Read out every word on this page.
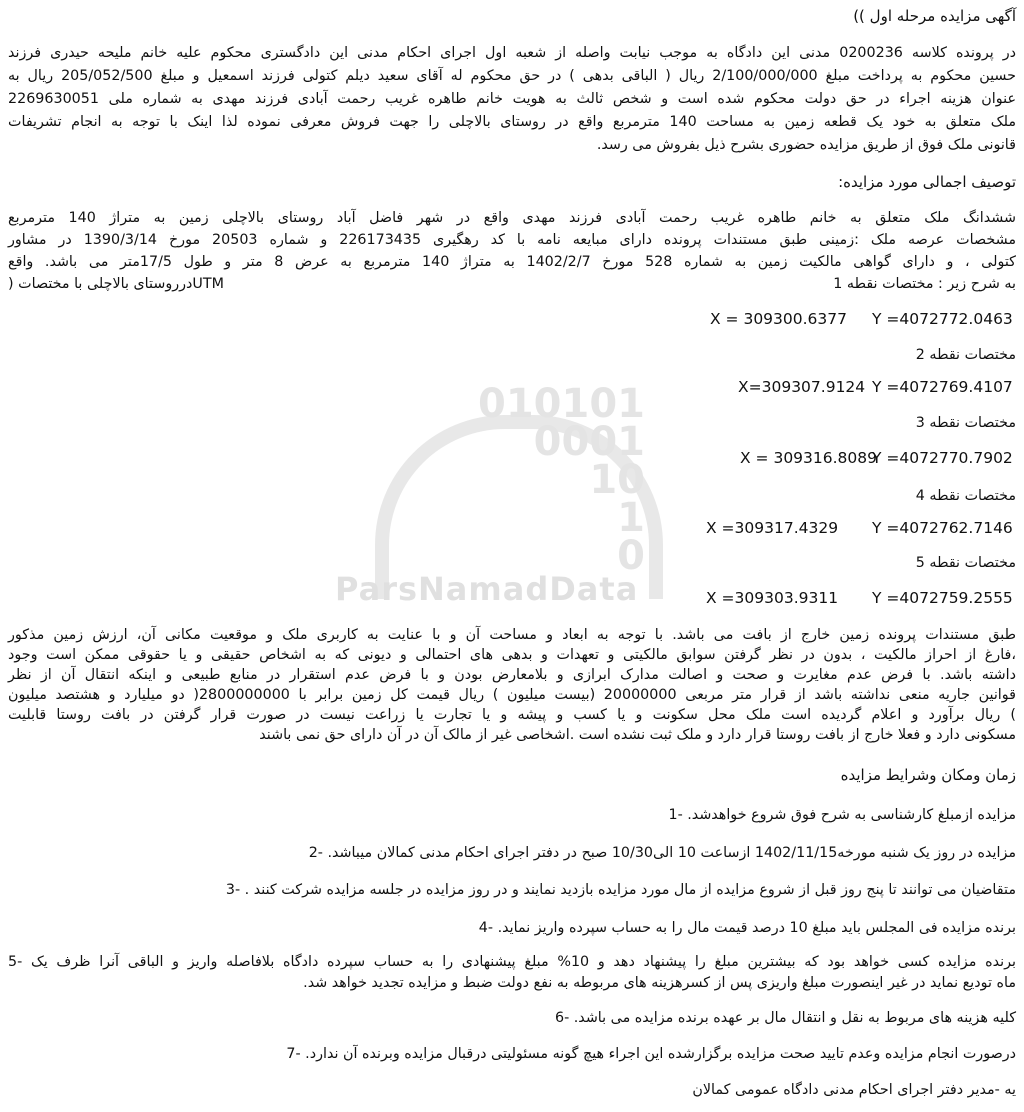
010101
0001
10
1
0
ParsNamadData
آگهی مزایده مرحله اول ))
در پرونده کلاسه 0200236 مدنی این دادگاه به موجب نیابت واصله از شعبه اول اجرای احکام مدنی این دادگستری محکوم علیه خانم ملیحه حیدری فرزند
حسین محکوم به پرداخت مبلغ 2/100/000/000 ریال ( الباقی بدهی ) در حق محکوم له آقای سعید دیلم کتولی فرزند اسمعیل و مبلغ 205/052/500 ریال به
عنوان هزینه اجراء در حق دولت محکوم شده است و شخص ثالث به هویت خانم طاهره غریب رحمت آبادی فرزند مهدی به شماره ملی 2269630051
ملک متعلق به خود یک قطعه زمین به مساحت 140 مترمربع واقع در روستای بالاچلی را جهت فروش معرفی نموده لذا اینک با توجه به انجام تشریفات
قانونی ملک فوق از طریق مزایده حضوری بشرح ذیل بفروش می رسد.
توصیف اجمالی مورد مزایده:
ششدانگ ملک متعلق به خانم طاهره غریب رحمت آبادی فرزند مهدی واقع در شهر فاضل آباد روستای بالاچلی زمین به متراژ 140 مترمربع
مشخصات عرصه ملک :زمینی طبق مستندات پرونده دارای مبایعه نامه با کد رهگیری 226173435 و شماره 20503 مورخ 1390/3/14 در مشاور
کتولی ، و دارای گواهی مالکیت زمین به شماره 528 مورخ 1402/2/7 به متراژ 140 مترمربع به عرض 8 متر و طول 17/5متر می باشد. واقع
به شرح زیر : مختصات نقطه 1
UTMدرروستای بالاچلی با مختصات (
X = 309300.6377 Y =4072772.0463
مختصات نقطه 2
X=309307.9124 Y =4072769.4107
مختصات نقطه 3
X = 309316.8089
Y =4072770.7902
مختصات نقطه 4
X =309317.4329 Y =4072762.7146
مختصات نقطه 5
X =309303.9311 Y =4072759.2555
طبق مستندات پرونده زمین خارج از بافت می باشد. با توجه به ابعاد و مساحت آن و با عنایت به کاربری ملک و موقعیت مکانی آن، ارزش زمین مذکور
،فارغ از احراز مالکیت ، بدون در نظر گرفتن سوابق مالکیتی و تعهدات و بدهی های احتمالی و دیونی که به اشخاص حقیقی و یا حقوقی ممکن است وجود
داشته باشد. با فرض عدم مغایرت و صحت و اصالت مدارک ابرازی و بلامعارض بودن و با فرض عدم استقرار در منابع طبیعی و اینکه انتقال آن از نظر
قوانین جاریه منعی نداشته باشد از قرار متر مربعی 20000000 (بیست میلیون ) ریال قیمت کل زمین برابر با 2800000000( دو میلیارد و هشتصد میلیون
) ریال برآورد و اعلام گردیده است ملک محل سکونت و یا کسب و پیشه و یا تجارت یا زراعت نیست در صورت قرار گرفتن در بافت روستا قابلیت
مسکونی دارد و فعلا خارج از بافت روستا قرار دارد و ملک ثبت نشده است .اشخاصی غیر از مالک آن در آن دارای حق نمی باشند
زمان ومکان وشرایط مزایده
مزایده ازمبلغ کارشناسی به شرح فوق شروع خواهدشد. -1
مزایده در روز یک شنبه مورخه1402/11/15 ازساعت 10 الی10/30 صبح در دفتر اجرای احکام مدنی کمالان میباشد. -2
متقاضیان می توانند تا پنج روز قبل از شروع مزایده از مال مورد مزایده بازدید نمایند و در روز مزایده در جلسه مزایده شرکت کنند . -3
برنده مزایده فی المجلس باید مبلغ 10 درصد قیمت مال را به حساب سپرده واریز نماید. -4
برنده مزایده کسی خواهد بود که بیشترین مبلغ را پیشنهاد دهد و 10% مبلغ پیشنهادی را به حساب سپرده دادگاه بلافاصله واریز و الباقی آنرا ظرف یک -5
ماه تودیع نماید در غیر اینصورت مبلغ واریزی پس از کسرهزینه های مربوطه به نفع دولت ضبط و مزایده تجدید خواهد شد.
کلیه هزینه های مربوط به نقل و انتقال مال بر عهده برنده مزایده می باشد. -6
درصورت انجام مزایده وعدم تایید صحت مزایده برگزارشده این اجراء هیچ گونه مسئولیتی درقبال مزایده وبرنده آن ندارد. -7
یه -مدیر دفتر اجرای احکام مدنی دادگاه عمومی کمالان
